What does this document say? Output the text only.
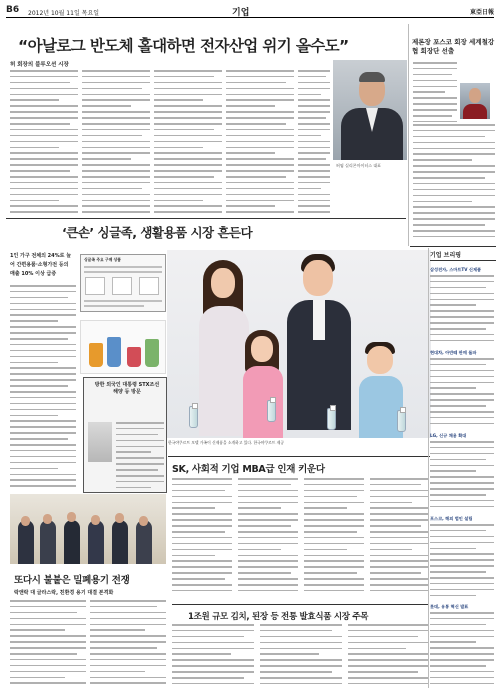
B6 2012년 10월 11일 목요일	기업	東亞日報
“아날로그 반도체 홀대하면 전자산업 위기 올수도”
허 회장의 블루오션 시장
허염 실리콘마이터스 대표
제론장 포스코 회장 세계철강협 회장단 선출
‘큰손’ 싱글족, 생활용품 시장 흔든다
1인 가구 전체의 24%로 늘어 간편용품·소형가전 등의 매출 10% 이상 급증
싱글족 주요 구매 상품
한국야쿠르트 모델 가족이 신제품을 소개하고 있다. 한국야쿠르트 제공
SK, 사회적 기업 MBA급 인재 키운다
방한 외국인 대통령 STX조선 해양 등 방문
또다시 불붙은 밀폐용기 전쟁
락앤락 대 글라스락, 친환경 용기 대결 본격화
1조원 규모 김치, 된장 등 전통 발효식품 시장 주목
기업 브리핑
삼성전자, 스마트TV 신제품
현대차, 아반떼 판매 돌파
LG, 신규 채용 확대
포스코, 해외 법인 설립
롯데, 유통 혁신 발표
